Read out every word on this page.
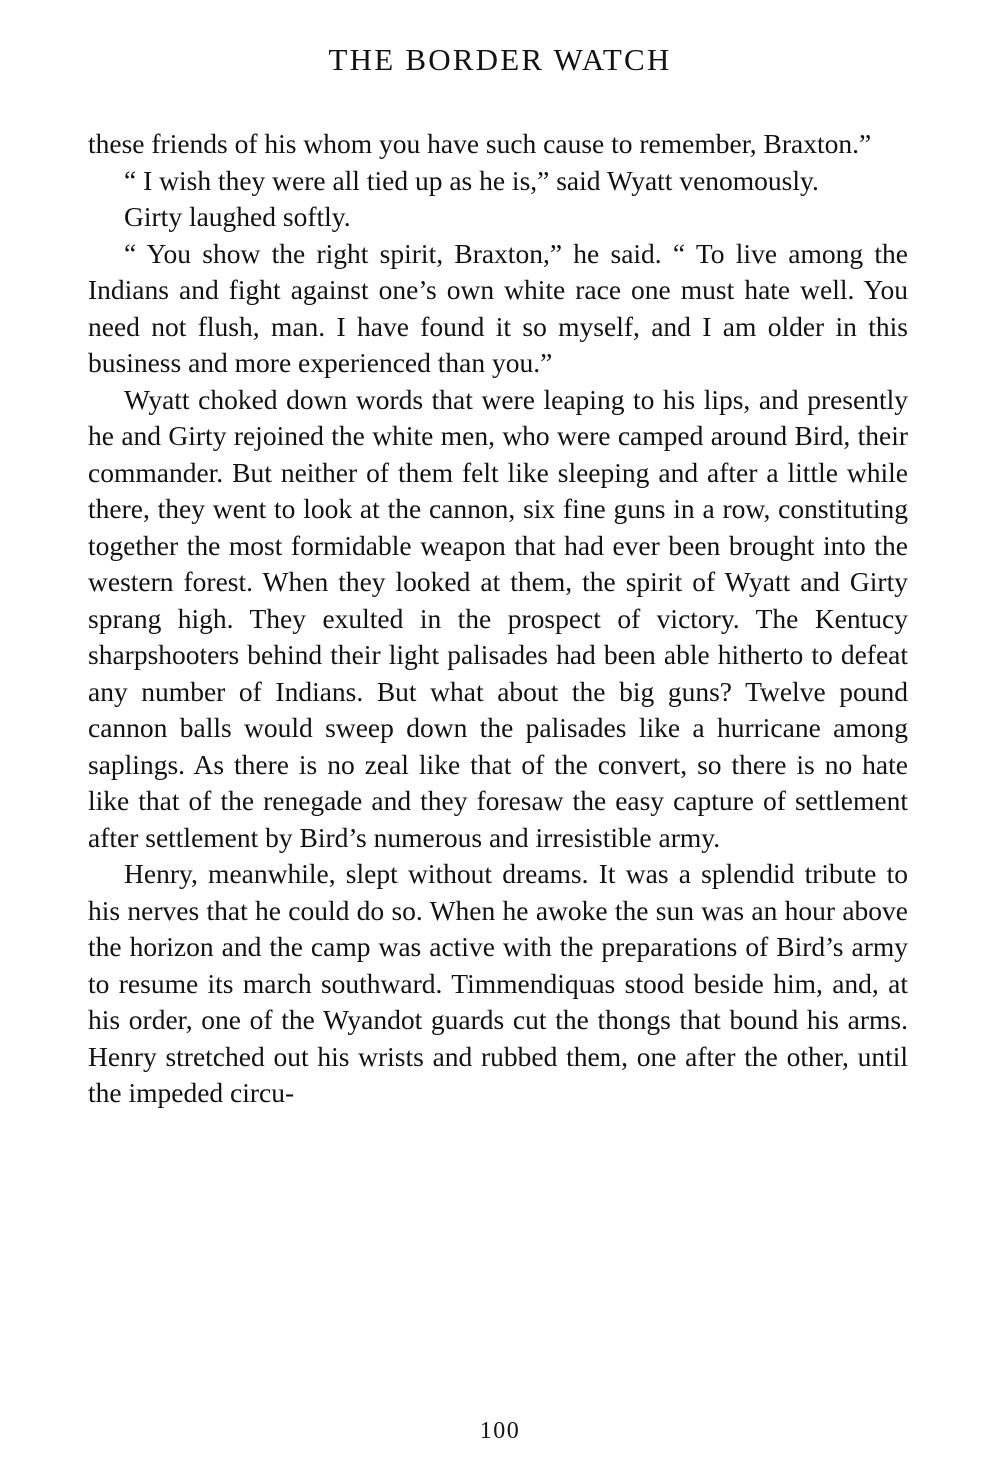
THE BORDER WATCH

these friends of his whom you have such cause to remember, Braxton.”

“ I wish they were all tied up as he is,” said Wyatt venomously.

Girty laughed softly.

“ You show the right spirit, Braxton,” he said. “ To live among the Indians and fight against one’s own white race one must hate well. You need not flush, man. I have found it so myself, and I am older in this business and more experienced than you.”

Wyatt choked down words that were leaping to his lips, and presently he and Girty rejoined the white men, who were camped around Bird, their commander. But neither of them felt like sleeping and after a little while there, they went to look at the cannon, six fine guns in a row, constituting together the most formidable weapon that had ever been brought into the western forest. When they looked at them, the spirit of Wyatt and Girty sprang high. They exulted in the prospect of victory. The Kentucy sharpshooters behind their light palisades had been able hitherto to defeat any number of Indians. But what about the big guns? Twelve pound cannon balls would sweep down the palisades like a hurricane among saplings. As there is no zeal like that of the convert, so there is no hate like that of the renegade and they foresaw the easy capture of settlement after settlement by Bird’s numerous and irresistible army.

Henry, meanwhile, slept without dreams. It was a splendid tribute to his nerves that he could do so. When he awoke the sun was an hour above the horizon and the camp was active with the preparations of Bird’s army to resume its march southward. Timmendiquas stood beside him, and, at his order, one of the Wyandot guards cut the thongs that bound his arms. Henry stretched out his wrists and rubbed them, one after the other, until the impeded circu-

100
